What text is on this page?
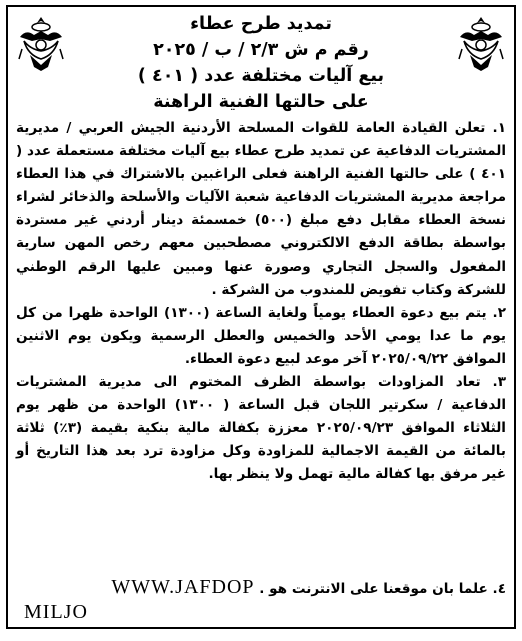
تمديد طرح عطاء
رقم م ش ٢/٣ / ب / ٢٠٢٥
بيع آليات مختلفة عدد ( ٤٠١ )
على حالتها الفنية الراهنة

١. تعلن القيادة العامة للقوات المسلحة الأردنية الجيش العربي / مديرية المشتريات الدفاعية عن تمديد طرح عطاء بيع آليات مختلفة مستعملة عدد ( ٤٠١ ) على حالتها الفنية الراهنة فعلى الراغبين بالاشتراك في هذا العطاء مراجعة مديرية المشتريات الدفاعية شعبة الآليات والأسلحة والذخائر لشراء نسخة العطاء مقابل دفع مبلغ (٥٠٠) خمسمئة دينار أردني غير مستردة بواسطة بطاقة الدفع الالكتروني مصطحبين معهم رخص المهن سارية المفعول والسجل التجاري وصورة عنها ومبين عليها الرقم الوطني للشركة وكتاب تفويض للمندوب من الشركة .

٢. يتم بيع دعوة العطاء يومياً ولغاية الساعة (١٣٠٠) الواحدة ظهرا من كل يوم ما عدا يومي الأحد والخميس والعطل الرسمية ويكون يوم الاثنين الموافق ٢٠٢٥/٠٩/٢٢ آخر موعد لبيع دعوة العطاء.

٣. تعاد المزاودات بواسطة الظرف المختوم الى مديرية المشتريات الدفاعية / سكرتير اللجان قبل الساعة ( ١٣٠٠) الواحدة من ظهر يوم الثلاثاء الموافق ٢٠٢٥/٠٩/٢٣ معززة بكفالة مالية بنكية بقيمة (٣٪) ثلاثة بالمائة من القيمة الاجمالية للمزاودة وكل مزاودة ترد بعد هذا التاريخ أو غير مرفق بها كفالة مالية تهمل ولا ينظر بها.

٤. علما بان موقعنا على الانترنت هو . WWW.JAFDOP
MILJO
